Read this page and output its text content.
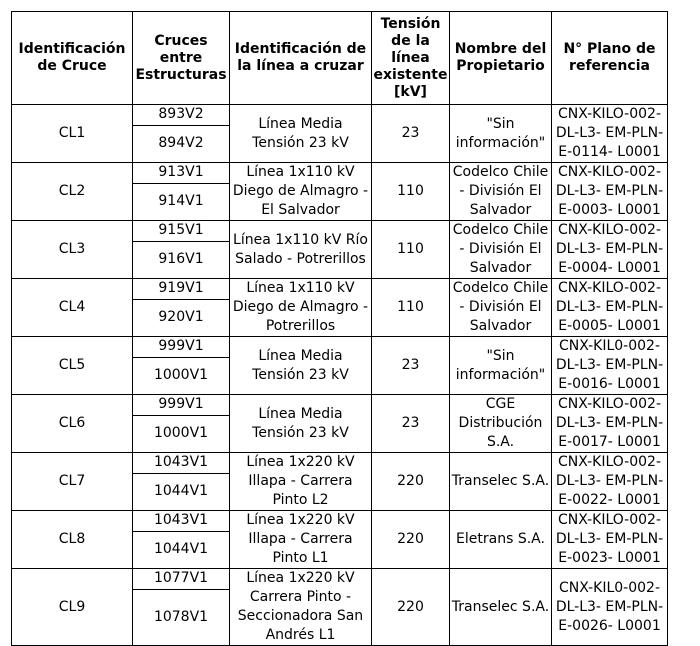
Identificación de Cruce	Cruces entre Estructuras	Identificación de la línea a cruzar	Tensión de la línea existente [kV]	Nombre del Propietario	N° Plano de referencia
CL1	893V2	Línea Media Tensión 23 kV	23	"Sin información"	CNX-KILO-002-DL-L3- EM-PLN-E-0114- L0001
	894V2				
CL2	913V1	Línea 1x110 kV Diego de Almagro - El Salvador	110	Codelco Chile - División El Salvador	CNX-KILO-002-DL-L3- EM-PLN-E-0003- L0001
	914V1				
CL3	915V1	Línea 1x110 kV Río Salado - Potrerillos	110	Codelco Chile - División El Salvador	CNX-KILO-002-DL-L3- EM-PLN-E-0004- L0001
	916V1				
CL4	919V1	Línea 1x110 kV Diego de Almagro - Potrerillos	110	Codelco Chile - División El Salvador	CNX-KILO-002-DL-L3- EM-PLN-E-0005- L0001
	920V1				
CL5	999V1	Línea Media Tensión 23 kV	23	"Sin información"	CNX-KIL0-002-DL-L3- EM-PLN-E-0016- L0001
	1000V1				
CL6	999V1	Línea Media Tensión 23 kV	23	CGE Distribución S.A.	CNX-KILO-002-DL-L3- EM-PLN-E-0017- L0001
	1000V1				
CL7	1043V1	Línea 1x220 kV Illapa - Carrera Pinto L2	220	Transelec S.A.	CNX-KILO-002-DL-L3- EM-PLN-E-0022- L0001
	1044V1				
CL8	1043V1	Línea 1x220 kV Illapa - Carrera Pinto L1	220	Eletrans S.A.	CNX-KILO-002-DL-L3- EM-PLN-E-0023- L0001
	1044V1				
CL9	1077V1	Línea 1x220 kV Carrera Pinto - Seccionadora San Andrés L1	220	Transelec S.A.	CNX-KIL0-002-DL-L3- EM-PLN-E-0026- L0001
	1078V1				
